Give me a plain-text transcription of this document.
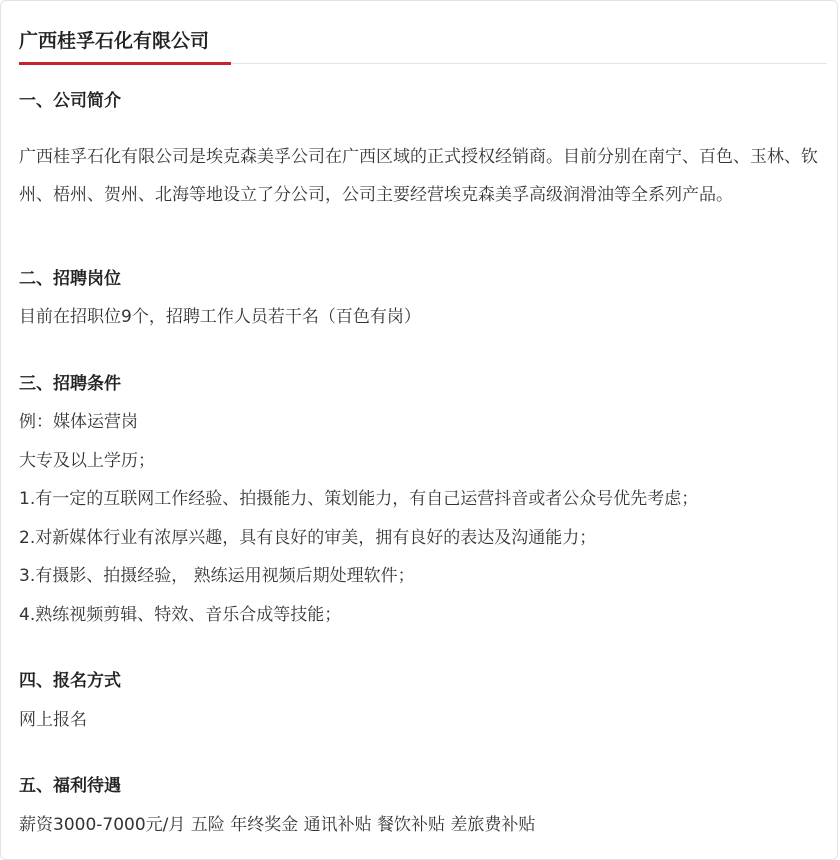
广西桂孚石化有限公司

一、公司简介

广西桂孚石化有限公司是埃克森美孚公司在广西区域的正式授权经销商。目前分别在南宁、百色、玉林、钦州、梧州、贺州、北海等地设立了分公司，公司主要经营埃克森美孚高级润滑油等全系列产品。

二、招聘岗位

目前在招职位9个，招聘工作人员若干名（百色有岗）

三、招聘条件

例：媒体运营岗

大专及以上学历；

1.有一定的互联网工作经验、拍摄能力、策划能力，有自己运营抖音或者公众号优先考虑；

2.对新媒体行业有浓厚兴趣，具有良好的审美，拥有良好的表达及沟通能力；

3.有摄影、拍摄经验， 熟练运用视频后期处理软件；

4.熟练视频剪辑、特效、音乐合成等技能；

四、报名方式

网上报名

五、福利待遇

薪资3000-7000元/月 五险 年终奖金 通讯补贴 餐饮补贴 差旅费补贴
